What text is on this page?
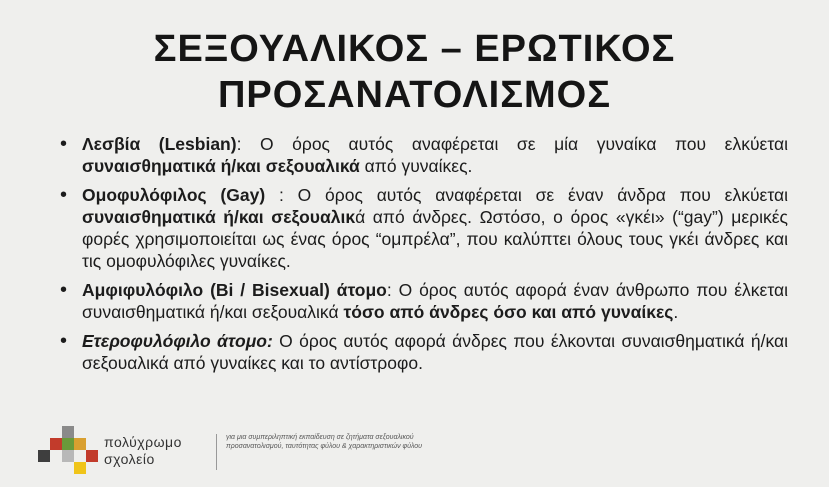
ΣΕΞΟΥΑΛΙΚΟΣ – ΕΡΩΤΙΚΟΣ
ΠΡΟΣΑΝΑΤΟΛΙΣΜΟΣ
• Λεσβία (Lesbian): Ο όρος αυτός αναφέρεται σε μία γυναίκα που ελκύεται συναισθηματικά ή/και σεξουαλικά από γυναίκες.
• Ομοφυλόφιλος (Gay) : Ο όρος αυτός αναφέρεται σε έναν άνδρα που ελκύεται συναισθηματικά ή/και σεξουαλικά από άνδρες. Ωστόσο, ο όρος «γκέι» (“gay”) μερικές φορές χρησιμοποιείται ως ένας όρος “ομπρέλα”, που καλύπτει όλους τους γκέι άνδρες και τις ομοφυλόφιλες γυναίκες.
• Αμφιφυλόφιλο (Bi / Bisexual) άτομο: Ο όρος αυτός αφορά έναν άνθρωπο που έλκεται συναισθηματικά ή/και σεξουαλικά τόσο από άνδρες όσο και από γυναίκες.
• Ετεροφυλόφιλο άτομο: Ο όρος αυτός αφορά άνδρες που έλκονται συναισθηματικά ή/και σεξουαλικά από γυναίκες και το αντίστροφο.
πολύχρωμο
σχολείο
για μια συμπεριληπτική εκπαίδευση σε ζητήματα σεξουαλικού προσανατολισμού, ταυτότητας φύλου & χαρακτηριστικών φύλου
